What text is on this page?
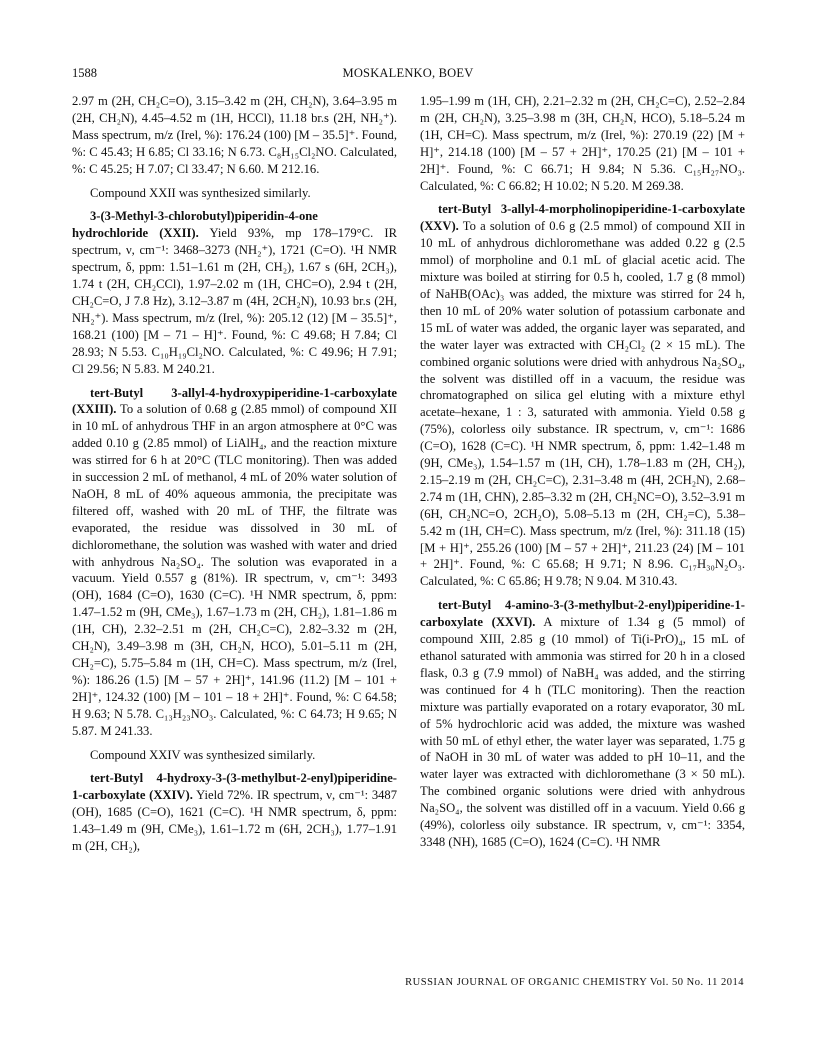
1588	MOSKALENKO, BOEV

2.97 m (2H, CH₂C=O), 3.15–3.42 m (2H, CH₂N), 3.64–3.95 m (2H, CH₂N), 4.45–4.52 m (1H, HCCl), 11.18 br.s (2H, NH₂⁺). Mass spectrum, m/z (Irel, %): 176.24 (100) [M – 35.5]⁺. Found, %: C 45.43; H 6.85; Cl 33.16; N 6.73. C₈H₁₅Cl₂NO. Calculated, %: C 45.25; H 7.07; Cl 33.47; N 6.60. M 212.16.

Compound XXII was synthesized similarly.

3-(3-Methyl-3-chlorobutyl)piperidin-4-one hydrochloride (XXII). Yield 93%, mp 178–179°C. IR spectrum, ν, cm⁻¹: 3468–3273 (NH₂⁺), 1721 (C=O). ¹H NMR spectrum, δ, ppm: 1.51–1.61 m (2H, CH₂), 1.67 s (6H, 2CH₃), 1.74 t (2H, CH₂CCl), 1.97–2.02 m (1H, CHC=O), 2.94 t (2H, CH₂C=O, J 7.8 Hz), 3.12–3.87 m (4H, 2CH₂N), 10.93 br.s (2H, NH₂⁺). Mass spectrum, m/z (Irel, %): 205.12 (12) [M – 35.5]⁺, 168.21 (100) [M – 71 – H]⁺. Found, %: C 49.68; H 7.84; Cl 28.93; N 5.53. C₁₀H₁₉Cl₂NO. Calculated, %: C 49.96; H 7.91; Cl 29.56; N 5.83. M 240.21.

tert-Butyl 3-allyl-4-hydroxypiperidine-1-carboxylate (XXIII). To a solution of 0.68 g (2.85 mmol) of compound XII in 10 mL of anhydrous THF in an argon atmosphere at 0°C was added 0.10 g (2.85 mmol) of LiAlH₄, and the reaction mixture was stirred for 6 h at 20°C (TLC monitoring). Then was added in succession 2 mL of methanol, 4 mL of 20% water solution of NaOH, 8 mL of 40% aqueous ammonia, the precipitate was filtered off, washed with 20 mL of THF, the filtrate was evaporated, the residue was dissolved in 30 mL of dichloromethane, the solution was washed with water and dried with anhydrous Na₂SO₄. The solution was evaporated in a vacuum. Yield 0.557 g (81%). IR spectrum, ν, cm⁻¹: 3493 (OH), 1684 (C=O), 1630 (C=C). ¹H NMR spectrum, δ, ppm: 1.47–1.52 m (9H, CMe₃), 1.67–1.73 m (2H, CH₂), 1.81–1.86 m (1H, CH), 2.32–2.51 m (2H, CH₂C=C), 2.82–3.32 m (2H, CH₂N), 3.49–3.98 m (3H, CH₂N, HCO), 5.01–5.11 m (2H, CH₂=C), 5.75–5.84 m (1H, CH=C). Mass spectrum, m/z (Irel, %): 186.26 (1.5) [M – 57 + 2H]⁺, 141.96 (11.2) [M – 101 + 2H]⁺, 124.32 (100) [M – 101 – 18 + 2H]⁺. Found, %: C 64.58; H 9.63; N 5.78. C₁₃H₂₃NO₃. Calculated, %: C 64.73; H 9.65; N 5.87. M 241.33.

Compound XXIV was synthesized similarly.

tert-Butyl 4-hydroxy-3-(3-methylbut-2-enyl)piperidine-1-carboxylate (XXIV). Yield 72%. IR spectrum, ν, cm⁻¹: 3487 (OH), 1685 (C=O), 1621 (C=C). ¹H NMR spectrum, δ, ppm: 1.43–1.49 m (9H, CMe₃), 1.61–1.72 m (6H, 2CH₃), 1.77–1.91 m (2H, CH₂),

1.95–1.99 m (1H, CH), 2.21–2.32 m (2H, CH₂C=C), 2.52–2.84 m (2H, CH₂N), 3.25–3.98 m (3H, CH₂N, HCO), 5.18–5.24 m (1H, CH=C). Mass spectrum, m/z (Irel, %): 270.19 (22) [M + H]⁺, 214.18 (100) [M – 57 + 2H]⁺, 170.25 (21) [M – 101 + 2H]⁺. Found, %: C 66.71; H 9.84; N 5.36. C₁₅H₂₇NO₃. Calculated, %: C 66.82; H 10.02; N 5.20. M 269.38.

tert-Butyl 3-allyl-4-morpholinopiperidine-1-carboxylate (XXV). To a solution of 0.6 g (2.5 mmol) of compound XII in 10 mL of anhydrous dichloromethane was added 0.22 g (2.5 mmol) of morpholine and 0.1 mL of glacial acetic acid. The mixture was boiled at stirring for 0.5 h, cooled, 1.7 g (8 mmol) of NaHB(OAc)₃ was added, the mixture was stirred for 24 h, then 10 mL of 20% water solution of potassium carbonate and 15 mL of water was added, the organic layer was separated, and the water layer was extracted with CH₂Cl₂ (2 × 15 mL). The combined organic solutions were dried with anhydrous Na₂SO₄, the solvent was distilled off in a vacuum, the residue was chromatographed on silica gel eluting with a mixture ethyl acetate–hexane, 1 : 3, saturated with ammonia. Yield 0.58 g (75%), colorless oily substance. IR spectrum, ν, cm⁻¹: 1686 (C=O), 1628 (C=C). ¹H NMR spectrum, δ, ppm: 1.42–1.48 m (9H, CMe₃), 1.54–1.57 m (1H, CH), 1.78–1.83 m (2H, CH₂), 2.15–2.19 m (2H, CH₂C=C), 2.31–3.48 m (4H, 2CH₂N), 2.68–2.74 m (1H, CHN), 2.85–3.32 m (2H, CH₂NC=O), 3.52–3.91 m (6H, CH₂NC=O, 2CH₂O), 5.08–5.13 m (2H, CH₂=C), 5.38–5.42 m (1H, CH=C). Mass spectrum, m/z (Irel, %): 311.18 (15) [M + H]⁺, 255.26 (100) [M – 57 + 2H]⁺, 211.23 (24) [M – 101 + 2H]⁺. Found, %: C 65.68; H 9.71; N 8.96. C₁₇H₃₀N₂O₃. Calculated, %: C 65.86; H 9.78; N 9.04. M 310.43.

tert-Butyl 4-amino-3-(3-methylbut-2-enyl)piperidine-1-carboxylate (XXVI). A mixture of 1.34 g (5 mmol) of compound XIII, 2.85 g (10 mmol) of Ti(i-PrO)₄, 15 mL of ethanol saturated with ammonia was stirred for 20 h in a closed flask, 0.3 g (7.9 mmol) of NaBH₄ was added, and the stirring was continued for 4 h (TLC monitoring). Then the reaction mixture was partially evaporated on a rotary evaporator, 30 mL of 5% hydrochloric acid was added, the mixture was washed with 50 mL of ethyl ether, the water layer was separated, 1.75 g of NaOH in 30 mL of water was added to pH 10–11, and the water layer was extracted with dichloromethane (3 × 50 mL). The combined organic solutions were dried with anhydrous Na₂SO₄, the solvent was distilled off in a vacuum. Yield 0.66 g (49%), colorless oily substance. IR spectrum, ν, cm⁻¹: 3354, 3348 (NH), 1685 (C=O), 1624 (C=C). ¹H NMR

RUSSIAN JOURNAL OF ORGANIC CHEMISTRY Vol. 50 No. 11 2014
